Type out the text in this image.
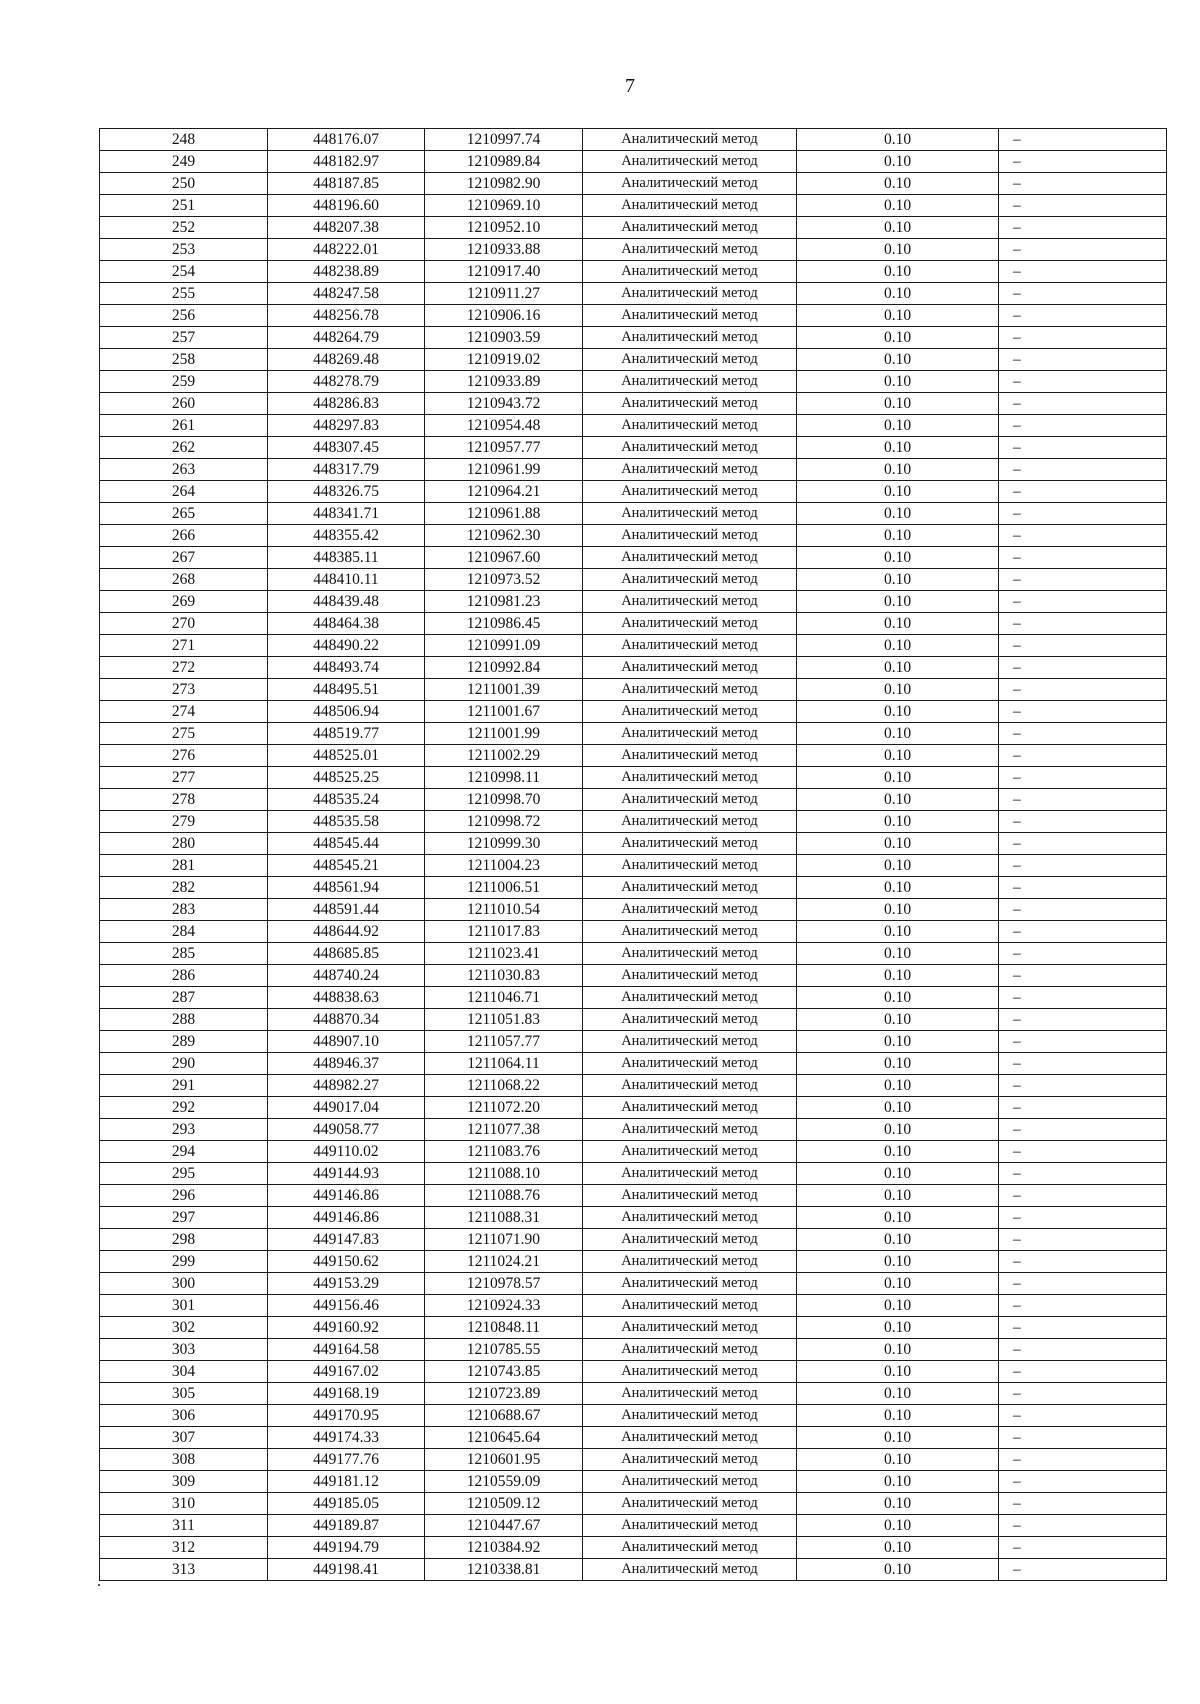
7
248	448176.07	1210997.74	Аналитический метод	0.10	–
249	448182.97	1210989.84	Аналитический метод	0.10	–
250	448187.85	1210982.90	Аналитический метод	0.10	–
251	448196.60	1210969.10	Аналитический метод	0.10	–
252	448207.38	1210952.10	Аналитический метод	0.10	–
253	448222.01	1210933.88	Аналитический метод	0.10	–
254	448238.89	1210917.40	Аналитический метод	0.10	–
255	448247.58	1210911.27	Аналитический метод	0.10	–
256	448256.78	1210906.16	Аналитический метод	0.10	–
257	448264.79	1210903.59	Аналитический метод	0.10	–
258	448269.48	1210919.02	Аналитический метод	0.10	–
259	448278.79	1210933.89	Аналитический метод	0.10	–
260	448286.83	1210943.72	Аналитический метод	0.10	–
261	448297.83	1210954.48	Аналитический метод	0.10	–
262	448307.45	1210957.77	Аналитический метод	0.10	–
263	448317.79	1210961.99	Аналитический метод	0.10	–
264	448326.75	1210964.21	Аналитический метод	0.10	–
265	448341.71	1210961.88	Аналитический метод	0.10	–
266	448355.42	1210962.30	Аналитический метод	0.10	–
267	448385.11	1210967.60	Аналитический метод	0.10	–
268	448410.11	1210973.52	Аналитический метод	0.10	–
269	448439.48	1210981.23	Аналитический метод	0.10	–
270	448464.38	1210986.45	Аналитический метод	0.10	–
271	448490.22	1210991.09	Аналитический метод	0.10	–
272	448493.74	1210992.84	Аналитический метод	0.10	–
273	448495.51	1211001.39	Аналитический метод	0.10	–
274	448506.94	1211001.67	Аналитический метод	0.10	–
275	448519.77	1211001.99	Аналитический метод	0.10	–
276	448525.01	1211002.29	Аналитический метод	0.10	–
277	448525.25	1210998.11	Аналитический метод	0.10	–
278	448535.24	1210998.70	Аналитический метод	0.10	–
279	448535.58	1210998.72	Аналитический метод	0.10	–
280	448545.44	1210999.30	Аналитический метод	0.10	–
281	448545.21	1211004.23	Аналитический метод	0.10	–
282	448561.94	1211006.51	Аналитический метод	0.10	–
283	448591.44	1211010.54	Аналитический метод	0.10	–
284	448644.92	1211017.83	Аналитический метод	0.10	–
285	448685.85	1211023.41	Аналитический метод	0.10	–
286	448740.24	1211030.83	Аналитический метод	0.10	–
287	448838.63	1211046.71	Аналитический метод	0.10	–
288	448870.34	1211051.83	Аналитический метод	0.10	–
289	448907.10	1211057.77	Аналитический метод	0.10	–
290	448946.37	1211064.11	Аналитический метод	0.10	–
291	448982.27	1211068.22	Аналитический метод	0.10	–
292	449017.04	1211072.20	Аналитический метод	0.10	–
293	449058.77	1211077.38	Аналитический метод	0.10	–
294	449110.02	1211083.76	Аналитический метод	0.10	–
295	449144.93	1211088.10	Аналитический метод	0.10	–
296	449146.86	1211088.76	Аналитический метод	0.10	–
297	449146.86	1211088.31	Аналитический метод	0.10	–
298	449147.83	1211071.90	Аналитический метод	0.10	–
299	449150.62	1211024.21	Аналитический метод	0.10	–
300	449153.29	1210978.57	Аналитический метод	0.10	–
301	449156.46	1210924.33	Аналитический метод	0.10	–
302	449160.92	1210848.11	Аналитический метод	0.10	–
303	449164.58	1210785.55	Аналитический метод	0.10	–
304	449167.02	1210743.85	Аналитический метод	0.10	–
305	449168.19	1210723.89	Аналитический метод	0.10	–
306	449170.95	1210688.67	Аналитический метод	0.10	–
307	449174.33	1210645.64	Аналитический метод	0.10	–
308	449177.76	1210601.95	Аналитический метод	0.10	–
309	449181.12	1210559.09	Аналитический метод	0.10	–
310	449185.05	1210509.12	Аналитический метод	0.10	–
311	449189.87	1210447.67	Аналитический метод	0.10	–
312	449194.79	1210384.92	Аналитический метод	0.10	–
313	449198.41	1210338.81	Аналитический метод	0.10	–
